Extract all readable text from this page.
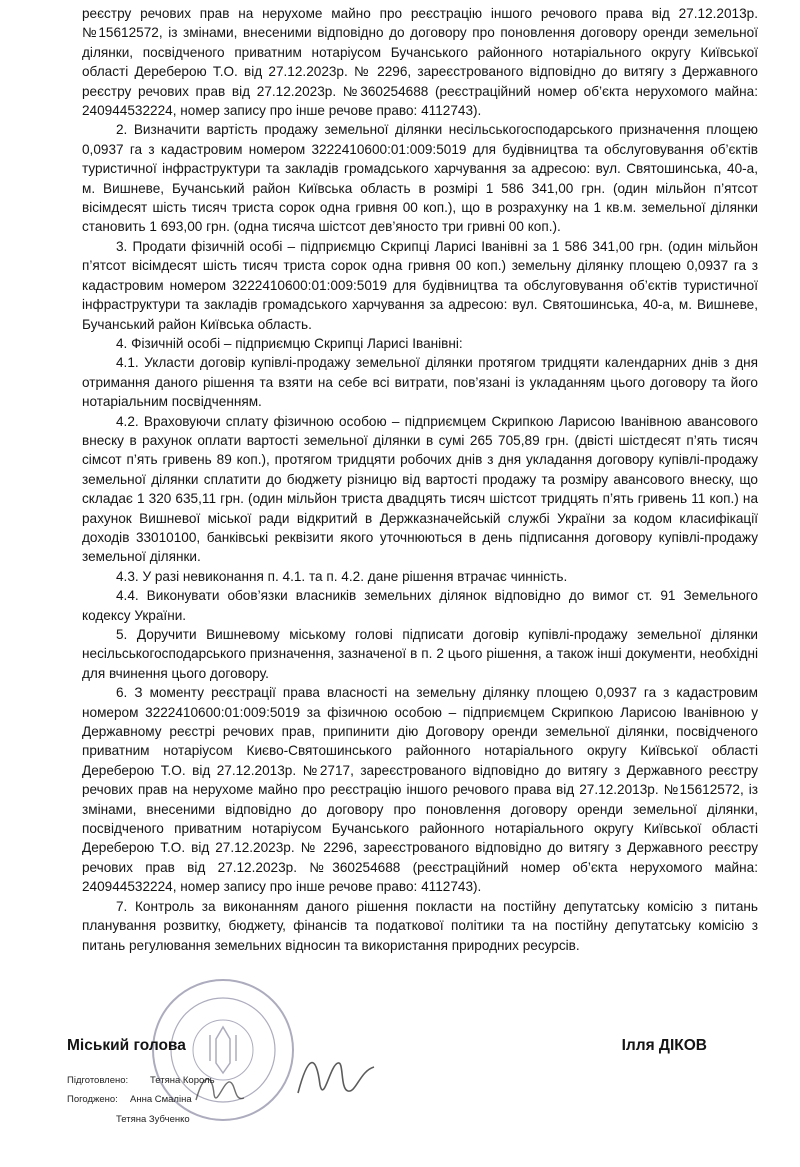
реєстру речових прав на нерухоме майно про реєстрацію іншого речового права від 27.12.2013р. №15612572, із змінами, внесеними відповідно до договору про поновлення договору оренди земельної ділянки, посвідченого приватним нотаріусом Бучанського районного нотаріального округу Київської області Дереберою Т.О. від 27.12.2023р. № 2296, зареєстрованого відповідно до витягу з Державного реєстру речових прав від 27.12.2023р. №360254688 (реєстраційний номер об’єкта нерухомого майна: 240944532224, номер запису про інше речове право: 4112743).

2. Визначити вартість продажу земельної ділянки несільськогосподарського призначення площею 0,0937 га з кадастровим номером 3222410600:01:009:5019 для будівництва та обслуговування об’єктів туристичної інфраструктури та закладів громадського харчування за адресою: вул. Святошинська, 40-а, м. Вишневе, Бучанський район Київська область в розмірі 1 586 341,00 грн. (один мільйон п’ятсот вісімдесят шість тисяч триста сорок одна гривня 00 коп.), що в розрахунку на 1 кв.м. земельної ділянки становить 1 693,00 грн. (одна тисяча шістсот дев’яносто три гривні 00 коп.).

3. Продати фізичній особі – підприємцю Скрипці Ларисі Іванівні за 1 586 341,00 грн. (один мільйон п’ятсот вісімдесят шість тисяч триста сорок одна гривня 00 коп.) земельну ділянку площею 0,0937 га з кадастровим номером 3222410600:01:009:5019 для будівництва та обслуговування об’єктів туристичної інфраструктури та закладів громадського харчування за адресою: вул. Святошинська, 40-а, м. Вишневе, Бучанський район Київська область.

4. Фізичній особі – підприємцю Скрипці Ларисі Іванівні:

4.1. Укласти договір купівлі-продажу земельної ділянки протягом тридцяти календарних днів з дня отримання даного рішення та взяти на себе всі витрати, пов’язані із укладанням цього договору та його нотаріальним посвідченням.

4.2. Враховуючи сплату фізичною особою – підприємцем Скрипкою Ларисою Іванівною авансового внеску в рахунок оплати вартості земельної ділянки в сумі 265 705,89 грн. (двісті шістдесят п’ять тисяч сімсот п’ять гривень 89 коп.), протягом тридцяти робочих днів з дня укладання договору купівлі-продажу земельної ділянки сплатити до бюджету різницю від вартості продажу та розміру авансового внеску, що складає 1 320 635,11 грн. (один мільйон триста двадцять тисяч шістсот тридцять п’ять гривень 11 коп.) на рахунок Вишневої міської ради відкритий в Держказначейській службі України за кодом класифікації доходів 33010100, банківські реквізити якого уточнюються в день підписання договору купівлі-продажу земельної ділянки.

4.3. У разі невиконання п. 4.1. та п. 4.2. дане рішення втрачає чинність.

4.4. Виконувати обов’язки власників земельних ділянок відповідно до вимог ст. 91 Земельного кодексу України.

5. Доручити Вишневому міському голові підписати договір купівлі-продажу земельної ділянки несільськогосподарського призначення, зазначеної в п. 2 цього рішення, а також інші документи, необхідні для вчинення цього договору.

6. З моменту реєстрації права власності на земельну ділянку площею 0,0937 га з кадастровим номером 3222410600:01:009:5019 за фізичною особою – підприємцем Скрипкою Ларисою Іванівною у Державному реєстрі речових прав, припинити дію Договору оренди земельної ділянки, посвідченого приватним нотаріусом Києво-Святошинського районного нотаріального округу Київської області Дереберою Т.О. від 27.12.2013р. №2717, зареєстрованого відповідно до витягу з Державного реєстру речових прав на нерухоме майно про реєстрацію іншого речового права від 27.12.2013р. №15612572, із змінами, внесеними відповідно до договору про поновлення договору оренди земельної ділянки, посвідченого приватним нотаріусом Бучанського районного нотаріального округу Київської області Дереберою Т.О. від 27.12.2023р. № 2296, зареєстрованого відповідно до витягу з Державного реєстру речових прав від 27.12.2023р. №360254688 (реєстраційний номер об’єкта нерухомого майна: 240944532224, номер запису про інше речове право: 4112743).

7. Контроль за виконанням даного рішення покласти на постійну депутатську комісію з питань планування розвитку, бюджету, фінансів та податкової політики та на постійну депутатську комісію з питань регулювання земельних відносин та використання природних ресурсів.

Міський голова	Ілля ДІКОВ
Підготовлено: Тетяна Король
Погоджено: Анна Смаліна
Тетяна Зубченко
